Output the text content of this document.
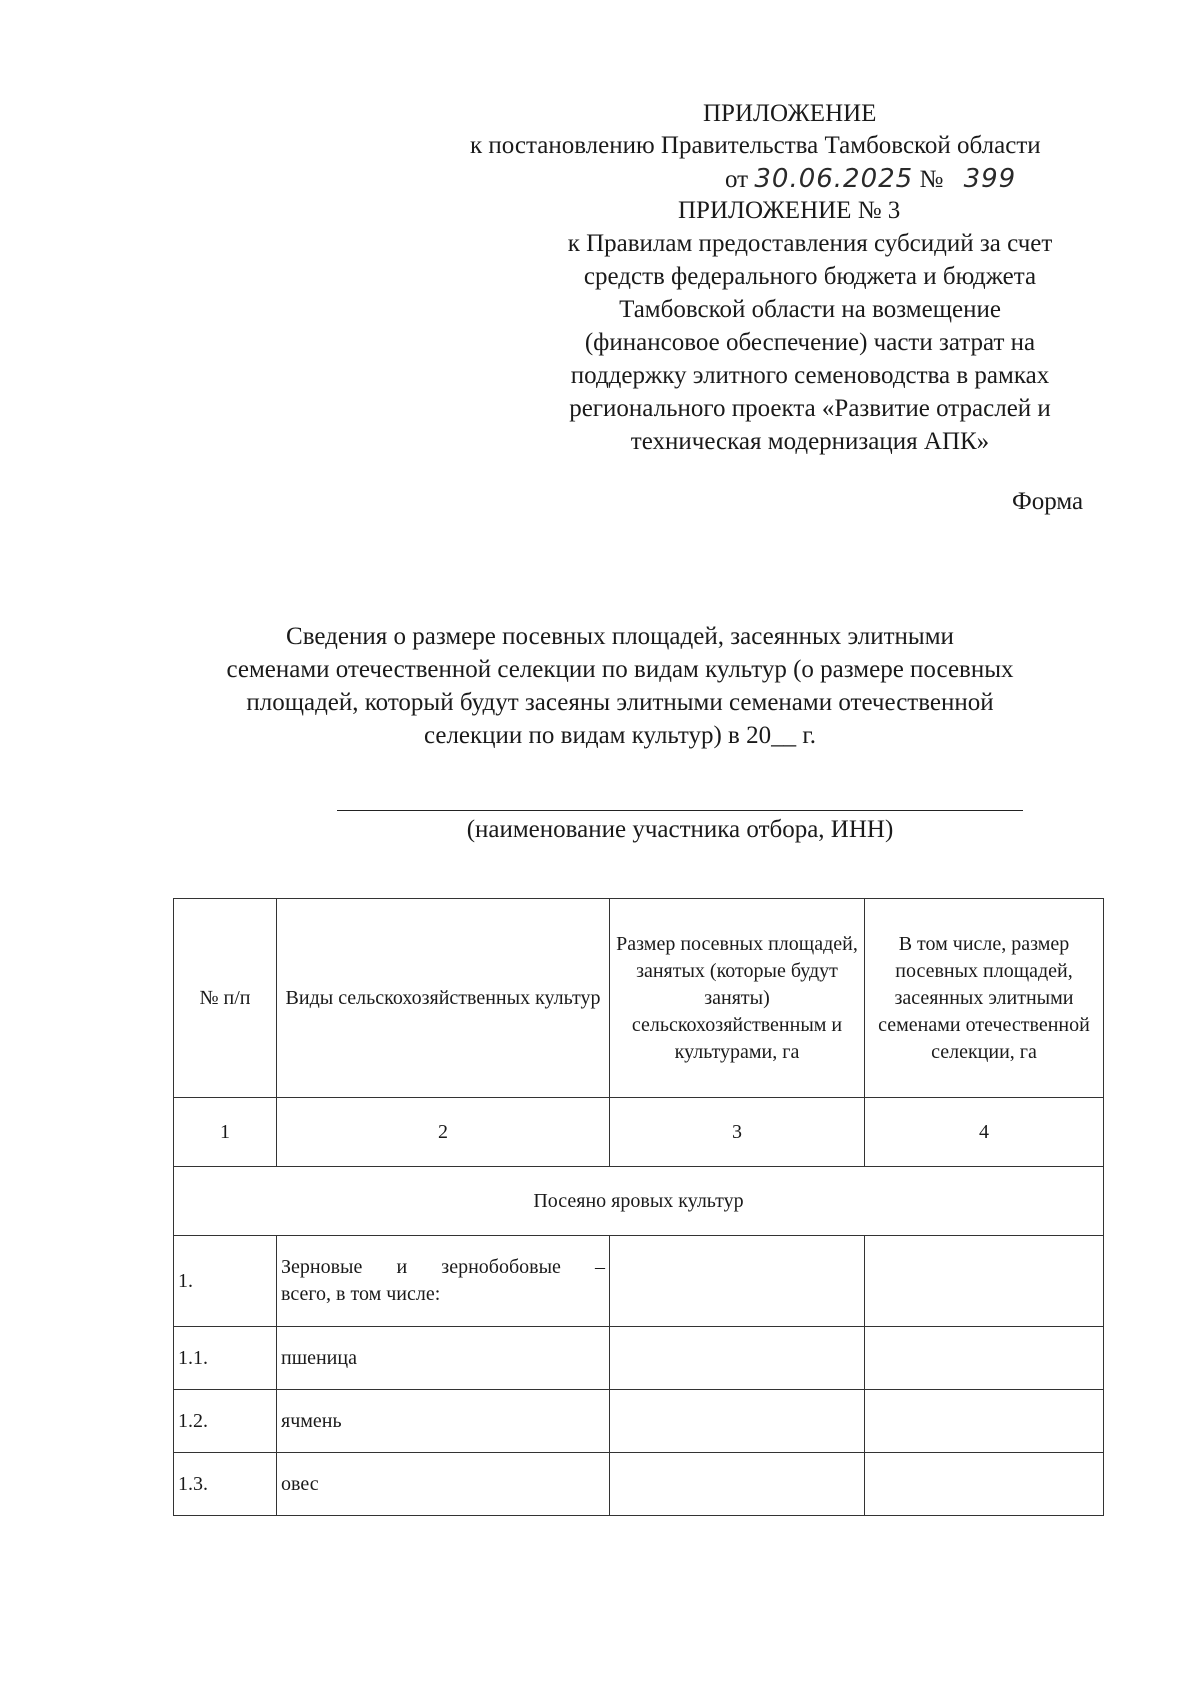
ПРИЛОЖЕНИЕ
к постановлению Правительства Тамбовской области
от 30.06.2025 № 399
ПРИЛОЖЕНИЕ № 3
к Правилам предоставления субсидий за счет
средств федерального бюджета и бюджета
Тамбовской области на возмещение
(финансовое обеспечение) части затрат на
поддержку элитного семеноводства в рамках
регионального проекта «Развитие отраслей и
техническая модернизация АПК»
Форма
Сведения о размере посевных площадей, засеянных элитными
семенами отечественной селекции по видам культур (о размере посевных
площадей, который будут засеяны элитными семенами отечественной
селекции по видам культур) в 20__ г.
(наименование участника отбора, ИНН)
№ п/п	Виды сельскохозяйственных культур	Размер посевных площадей, занятых (которые будут заняты) сельскохозяйственным и культурами, га	В том числе, размер посевных площадей, засеянных элитными семенами отечественной селекции, га
1	2	3	4
Посеяно яровых культур			
1.	Зерновые и зернобобовые –
всего, в том числе:		

1.1.	пшеница		
1.2.	ячмень		
1.3.	овес		
